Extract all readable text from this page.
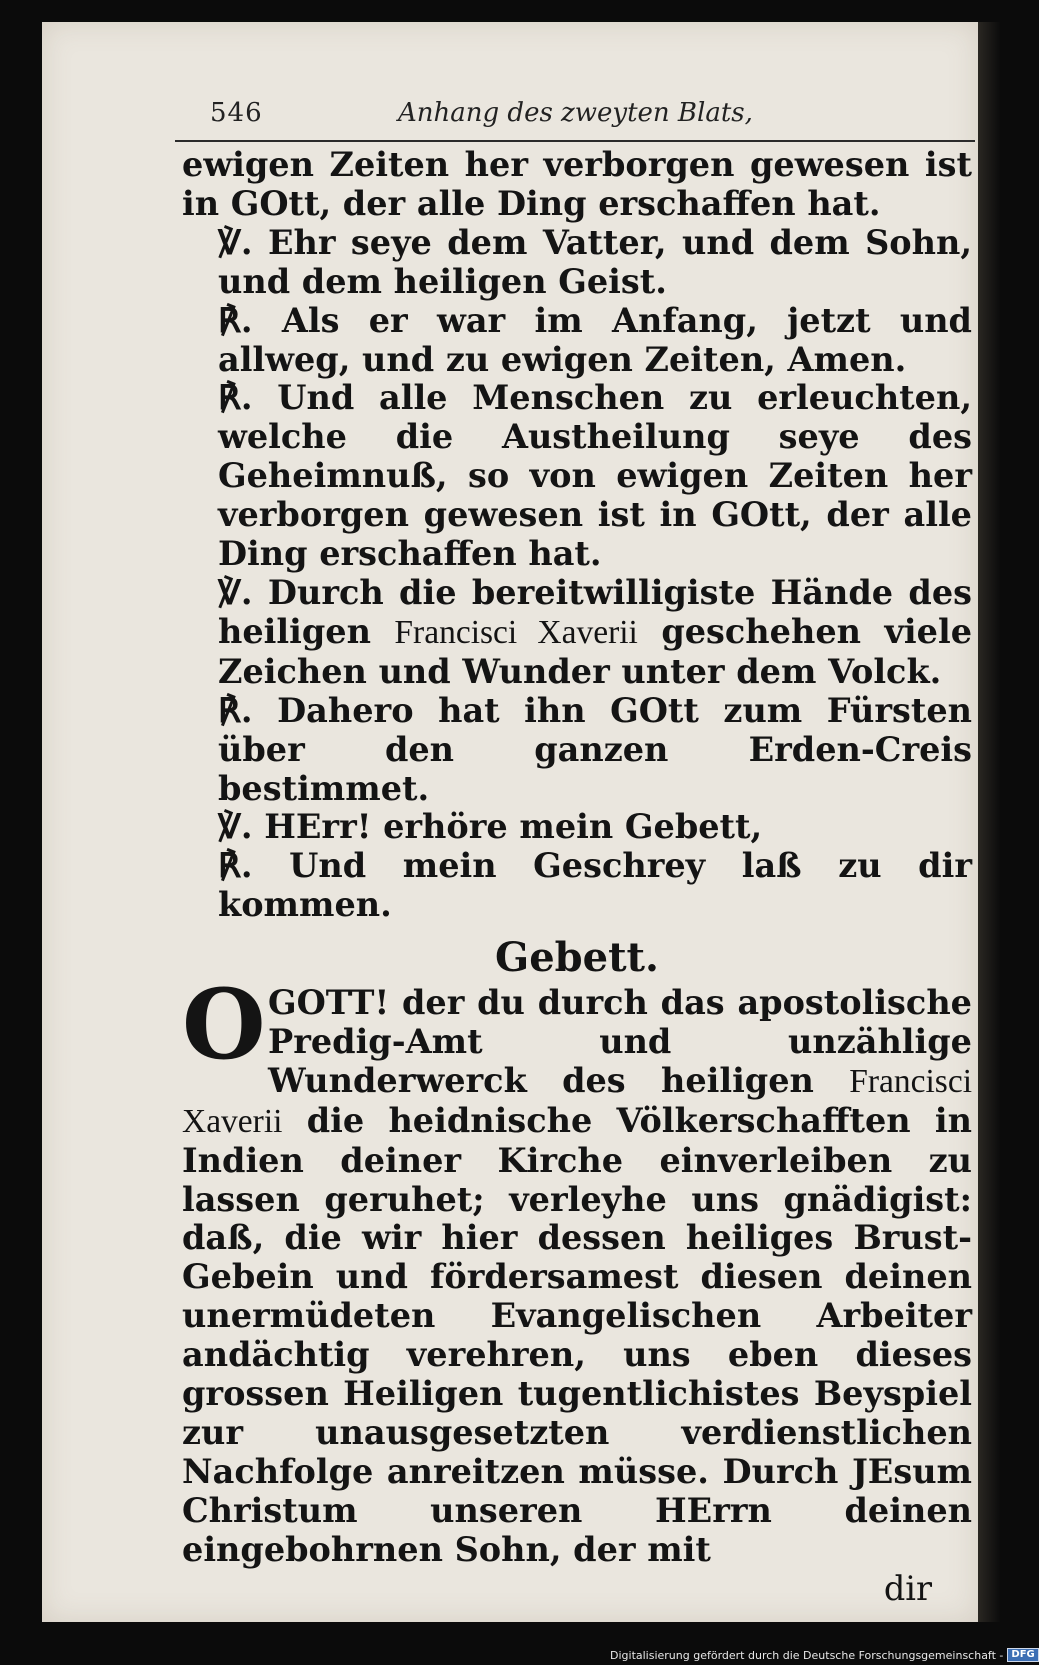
546	Anhang des zweyten Blats,

ewigen Zeiten her verborgen gewesen ist in GOtt, der alle Ding erschaffen hat.

℣. Ehr seye dem Vatter, und dem Sohn, und dem heiligen Geist.

℟. Als er war im Anfang, jetzt und allweg, und zu ewigen Zeiten, Amen.

℟. Und alle Menschen zu erleuchten, welche die Austheilung seye des Geheimnuß, so von ewigen Zeiten her verborgen gewesen ist in GOtt, der alle Ding erschaffen hat.

℣. Durch die bereitwilligiste Hände des heiligen Francisci Xaverii geschehen viele Zeichen und Wunder unter dem Volck.

℟. Dahero hat ihn GOtt zum Fürsten über den ganzen Erden-Creis bestimmet.

℣. HErr! erhöre mein Gebett,

℟. Und mein Geschrey laß zu dir kommen.

Gebett.

O GOTT! der du durch das apostolische Predig-Amt und unzählige Wunderwerck des heiligen Francisci Xaverii die heidnische Völkerschafften in Indien deiner Kirche einverleiben zu lassen geruhet; verleyhe uns gnädigist: daß, die wir hier dessen heiliges Brust-Gebein und fördersamest diesen deinen unermüdeten Evangelischen Arbeiter andächtig verehren, uns eben dieses grossen Heiligen tugentlichistes Beyspiel zur unausgesetzten verdienstlichen Nachfolge anreitzen müsse. Durch JEsum Christum unseren HErrn deinen eingebohrnen Sohn, der mit

dir

Digitalisierung gefördert durch die Deutsche Forschungsgemeinschaft - DFG
